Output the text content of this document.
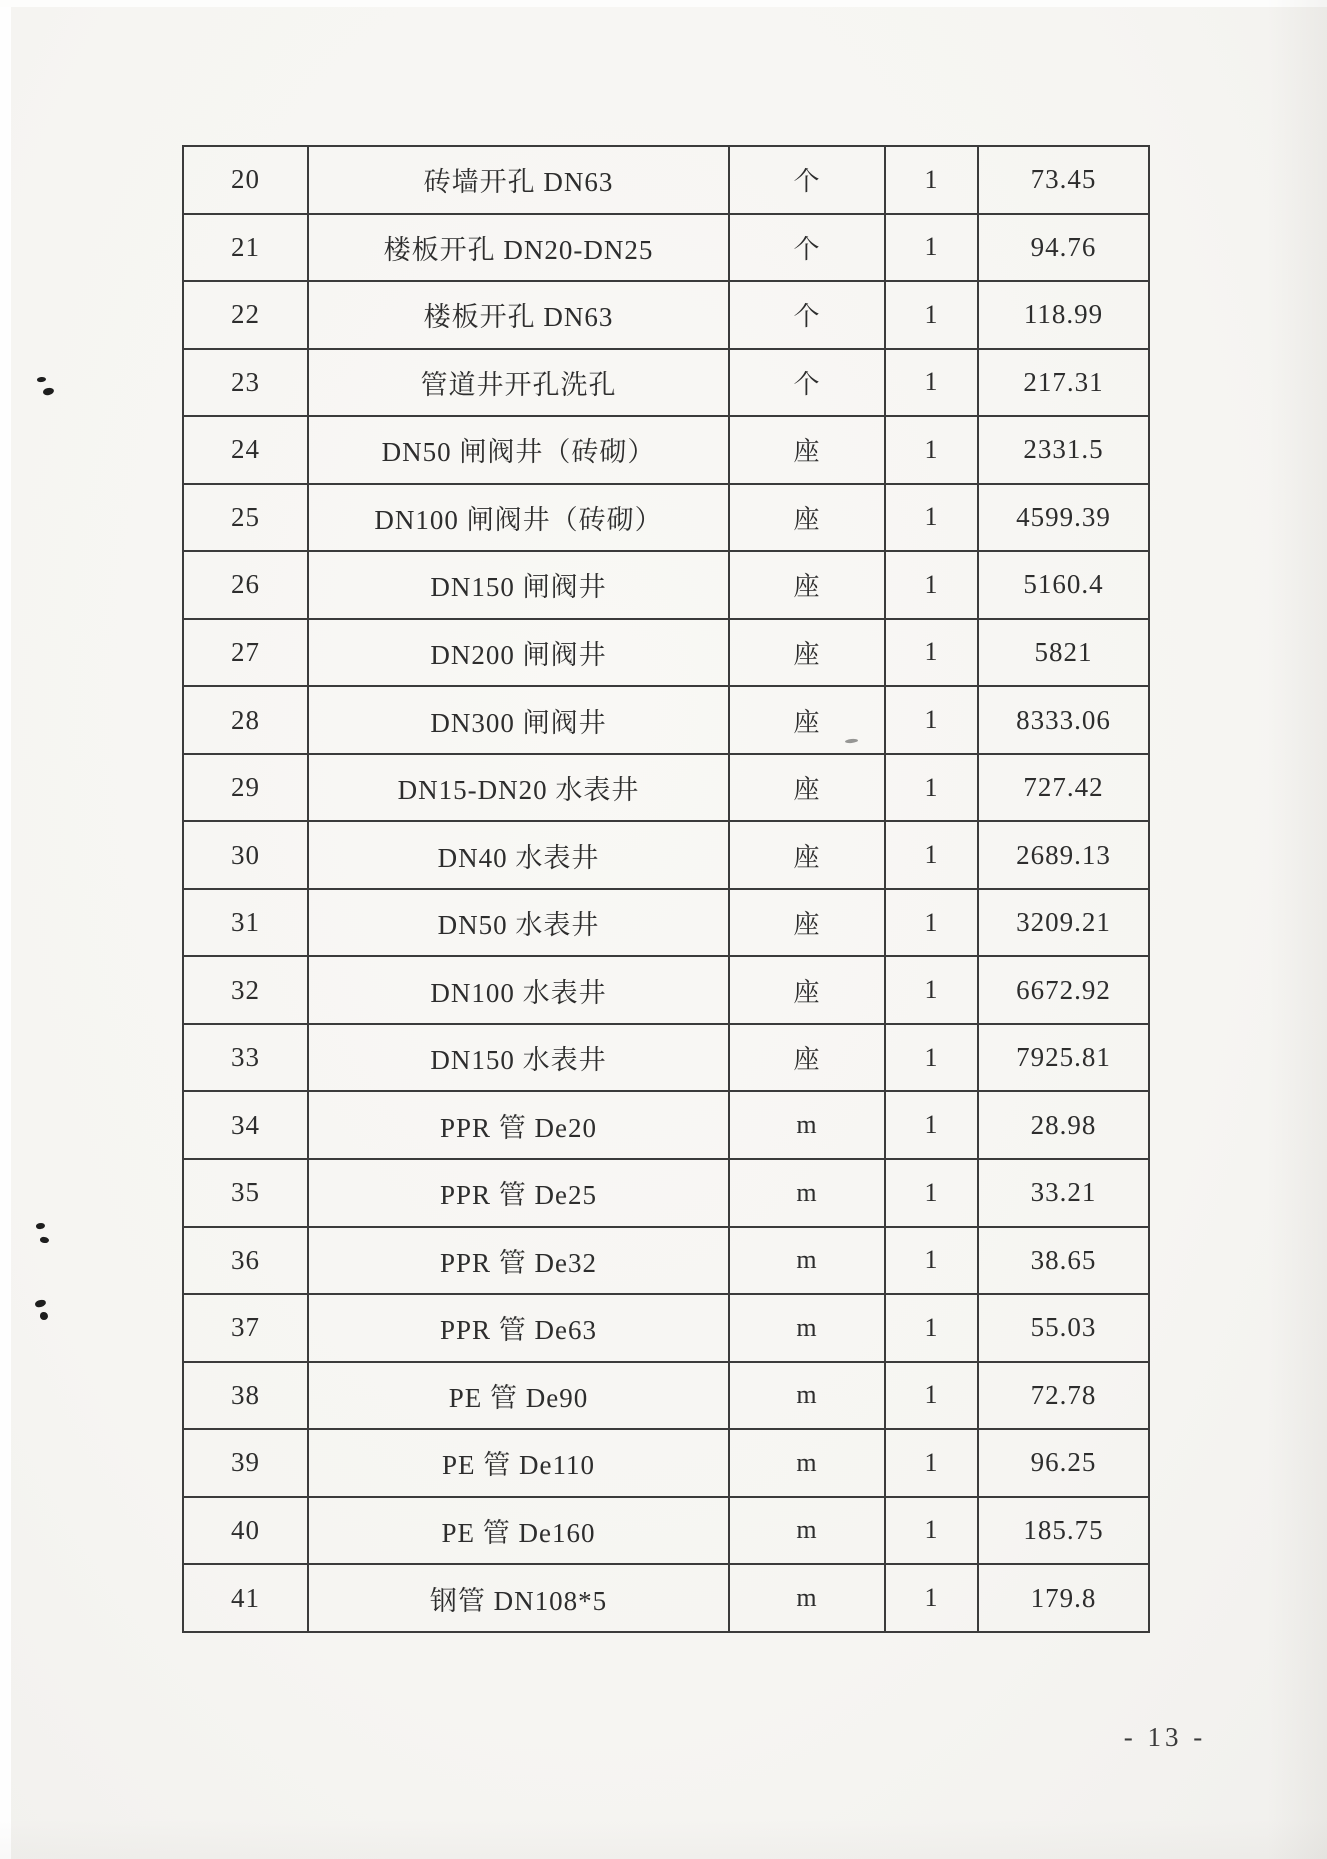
20	砖墙开孔 DN63	个	1	73.45
21	楼板开孔 DN20-DN25	个	1	94.76
22	楼板开孔 DN63	个	1	118.99
23	管道井开孔洗孔	个	1	217.31
24	DN50 闸阀井（砖砌）	座	1	2331.5
25	DN100 闸阀井（砖砌）	座	1	4599.39
26	DN150 闸阀井	座	1	5160.4
27	DN200 闸阀井	座	1	5821
28	DN300 闸阀井	座	1	8333.06
29	DN15-DN20 水表井	座	1	727.42
30	DN40 水表井	座	1	2689.13
31	DN50 水表井	座	1	3209.21
32	DN100 水表井	座	1	6672.92
33	DN150 水表井	座	1	7925.81
34	PPR 管 De20	m	1	28.98
35	PPR 管 De25	m	1	33.21
36	PPR 管 De32	m	1	38.65
37	PPR 管 De63	m	1	55.03
38	PE 管 De90	m	1	72.78
39	PE 管 De110	m	1	96.25
40	PE 管 De160	m	1	185.75
41	钢管 DN108*5	m	1	179.8
- 13 -
